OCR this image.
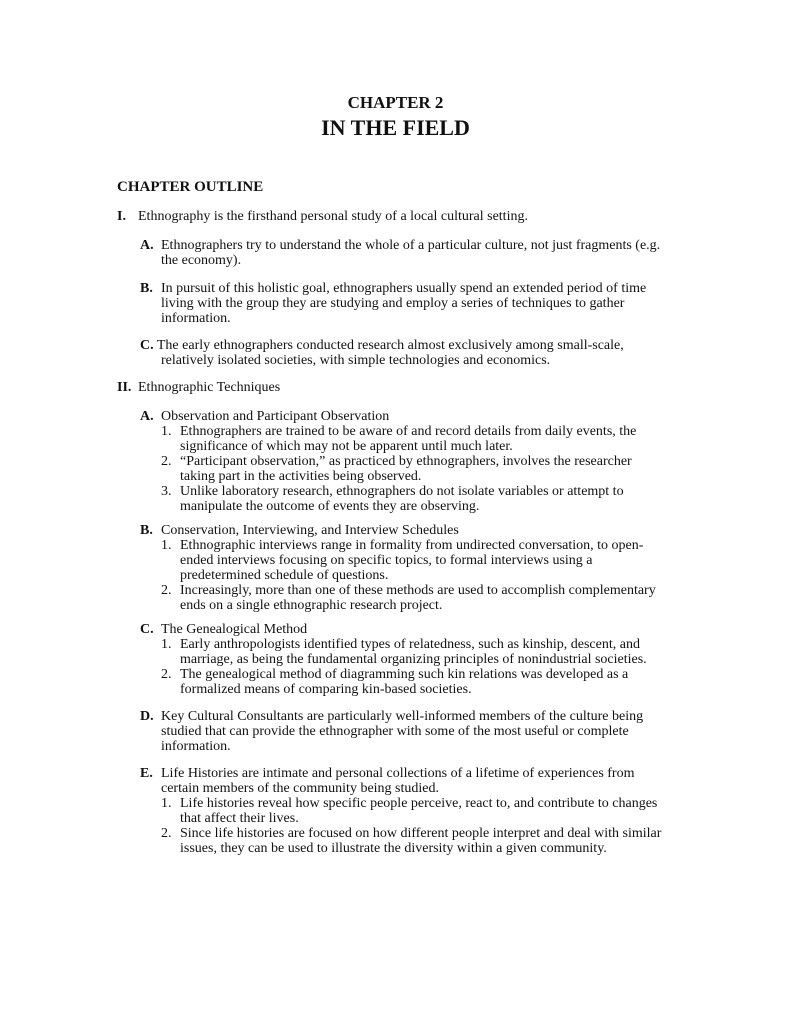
CHAPTER 2
IN THE FIELD
CHAPTER OUTLINE
I. Ethnography is the firsthand personal study of a local cultural setting.
A. Ethnographers try to understand the whole of a particular culture, not just fragments (e.g.
the economy).
B. In pursuit of this holistic goal, ethnographers usually spend an extended period of time
living with the group they are studying and employ a series of techniques to gather
information.
C. The early ethnographers conducted research almost exclusively among small-scale,
relatively isolated societies, with simple technologies and economics.
II. Ethnographic Techniques
A. Observation and Participant Observation
1. Ethnographers are trained to be aware of and record details from daily events, the
significance of which may not be apparent until much later.
2. “Participant observation,” as practiced by ethnographers, involves the researcher
taking part in the activities being observed.
3. Unlike laboratory research, ethnographers do not isolate variables or attempt to
manipulate the outcome of events they are observing.
B. Conservation, Interviewing, and Interview Schedules
1. Ethnographic interviews range in formality from undirected conversation, to open-
ended interviews focusing on specific topics, to formal interviews using a
predetermined schedule of questions.
2. Increasingly, more than one of these methods are used to accomplish complementary
ends on a single ethnographic research project.
C. The Genealogical Method
1. Early anthropologists identified types of relatedness, such as kinship, descent, and
marriage, as being the fundamental organizing principles of nonindustrial societies.
2. The genealogical method of diagramming such kin relations was developed as a
formalized means of comparing kin-based societies.
D. Key Cultural Consultants are particularly well-informed members of the culture being
studied that can provide the ethnographer with some of the most useful or complete
information.
E. Life Histories are intimate and personal collections of a lifetime of experiences from
certain members of the community being studied.
1. Life histories reveal how specific people perceive, react to, and contribute to changes
that affect their lives.
2. Since life histories are focused on how different people interpret and deal with similar
issues, they can be used to illustrate the diversity within a given community.
